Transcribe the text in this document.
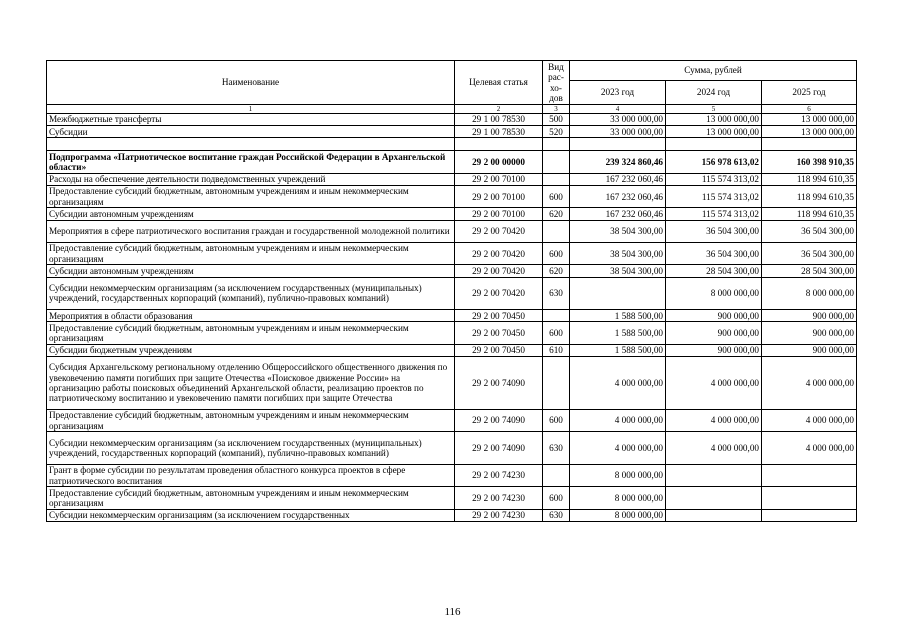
Наименование	Целевая статья	Вид рас-хо-дов	Сумма, рублей		
			2023 год	2024 год	2025 год
1	2	3	4	5	6
Межбюджетные трансферты	29 1 00 78530	500	33 000 000,00	13 000 000,00	13 000 000,00
Субсидии	29 1 00 78530	520	33 000 000,00	13 000 000,00	13 000 000,00

Подпрограмма «Патриотическое воспитание граждан Российской Федерации в Архангельской области»	29 2 00 00000		239 324 860,46	156 978 613,02	160 398 910,35
Расходы на обеспечение деятельности подведомственных учреждений	29 2 00 70100		167 232 060,46	115 574 313,02	118 994 610,35
Предоставление субсидий бюджетным, автономным учреждениям и иным некоммерческим организациям	29 2 00 70100	600	167 232 060,46	115 574 313,02	118 994 610,35
Субсидии автономным учреждениям	29 2 00 70100	620	167 232 060,46	115 574 313,02	118 994 610,35
Мероприятия в сфере патриотического воспитания граждан и государственной молодежной политики	29 2 00 70420		38 504 300,00	36 504 300,00	36 504 300,00
Предоставление субсидий бюджетным, автономным учреждениям и иным некоммерческим организациям	29 2 00 70420	600	38 504 300,00	36 504 300,00	36 504 300,00
Субсидии автономным учреждениям	29 2 00 70420	620	38 504 300,00	28 504 300,00	28 504 300,00
Субсидии некоммерческим организациям (за исключением государственных (муниципальных) учреждений, государственных корпораций (компаний), публично-правовых компаний)	29 2 00 70420	630		8 000 000,00	8 000 000,00
Мероприятия в области образования	29 2 00 70450		1 588 500,00	900 000,00	900 000,00
Предоставление субсидий бюджетным, автономным учреждениям и иным некоммерческим организациям	29 2 00 70450	600	1 588 500,00	900 000,00	900 000,00
Субсидии бюджетным учреждениям	29 2 00 70450	610	1 588 500,00	900 000,00	900 000,00
Субсидия Архангельскому региональному отделению Общероссийского общественного движения по увековечению памяти погибших при защите Отечества «Поисковое движение России» на организацию работы поисковых объединений Архангельской области, реализацию проектов по патриотическому воспитанию и увековечению памяти погибших при защите Отечества	29 2 00 74090		4 000 000,00	4 000 000,00	4 000 000,00
Предоставление субсидий бюджетным, автономным учреждениям и иным некоммерческим организациям	29 2 00 74090	600	4 000 000,00	4 000 000,00	4 000 000,00
Субсидии некоммерческим организациям (за исключением государственных (муниципальных) учреждений, государственных корпораций (компаний), публично-правовых компаний)	29 2 00 74090	630	4 000 000,00	4 000 000,00	4 000 000,00
Грант в форме субсидии по результатам проведения областного конкурса проектов в сфере патриотического воспитания	29 2 00 74230		8 000 000,00		
Предоставление субсидий бюджетным, автономным учреждениям и иным некоммерческим организациям	29 2 00 74230	600	8 000 000,00		
Субсидии некоммерческим организациям (за исключением государственных	29 2 00 74230	630	8 000 000,00		
116
